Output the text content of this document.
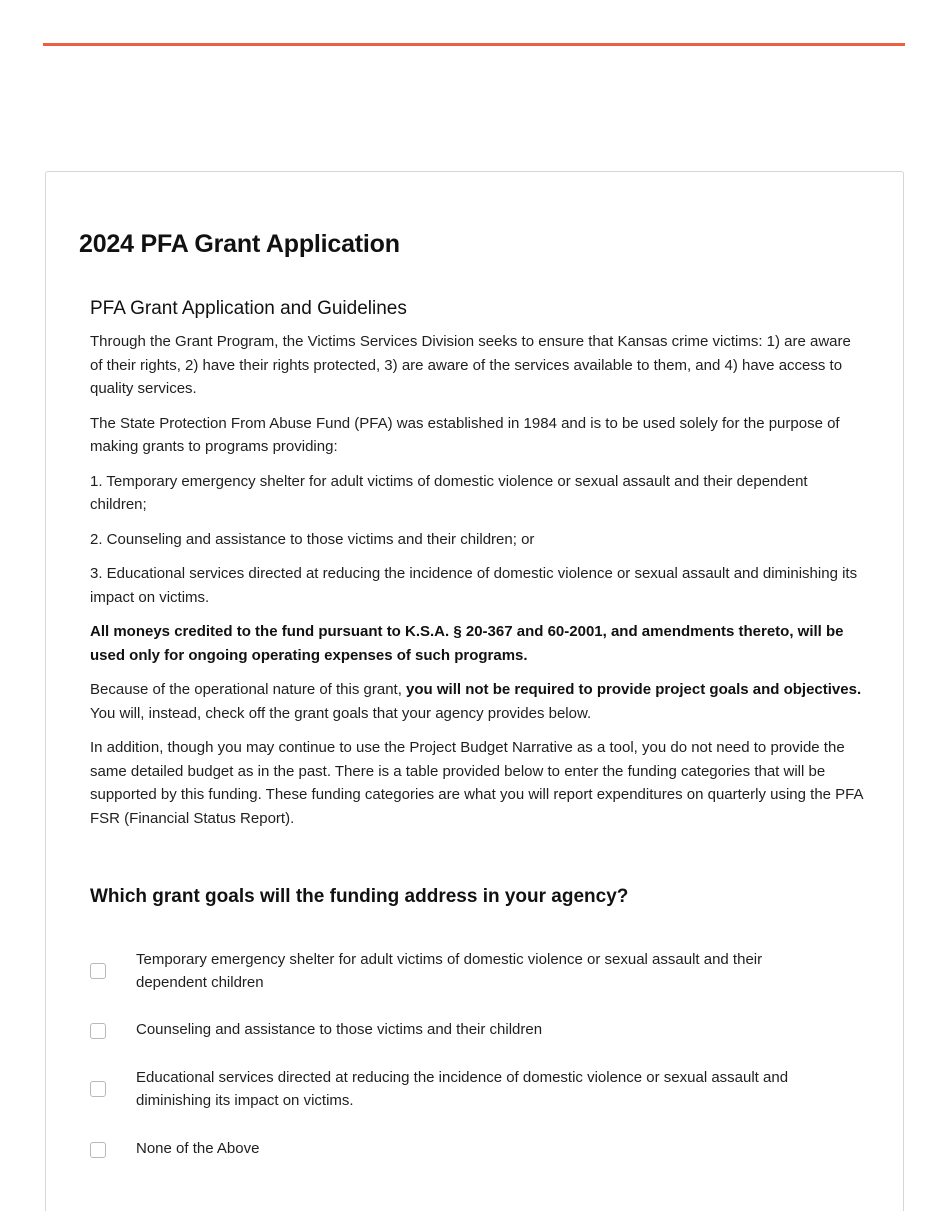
2024 PFA Grant Application
PFA Grant Application and Guidelines

Through the Grant Program, the Victims Services Division seeks to ensure that Kansas crime victims: 1) are aware of their rights, 2) have their rights protected, 3) are aware of the services available to them, and 4) have access to quality services.

The State Protection From Abuse Fund (PFA) was established in 1984 and is to be used solely for the purpose of making grants to programs providing:

1. Temporary emergency shelter for adult victims of domestic violence or sexual assault and their dependent children;

2. Counseling and assistance to those victims and their children; or

3. Educational services directed at reducing the incidence of domestic violence or sexual assault and diminishing its impact on victims.

All moneys credited to the fund pursuant to K.S.A. § 20-367 and 60-2001, and amendments thereto, will be used only for ongoing operating expenses of such programs.

Because of the operational nature of this grant, you will not be required to provide project goals and objectives. You will, instead, check off the grant goals that your agency provides below.

In addition, though you may continue to use the Project Budget Narrative as a tool, you do not need to provide the same detailed budget as in the past. There is a table provided below to enter the funding categories that will be supported by this funding. These funding categories are what you will report expenditures on quarterly using the PFA FSR (Financial Status Report).

Which grant goals will the funding address in your agency?
Temporary emergency shelter for adult victims of domestic violence or sexual assault and their dependent children
Counseling and assistance to those victims and their children
Educational services directed at reducing the incidence of domestic violence or sexual assault and diminishing its impact on victims.
None of the Above
